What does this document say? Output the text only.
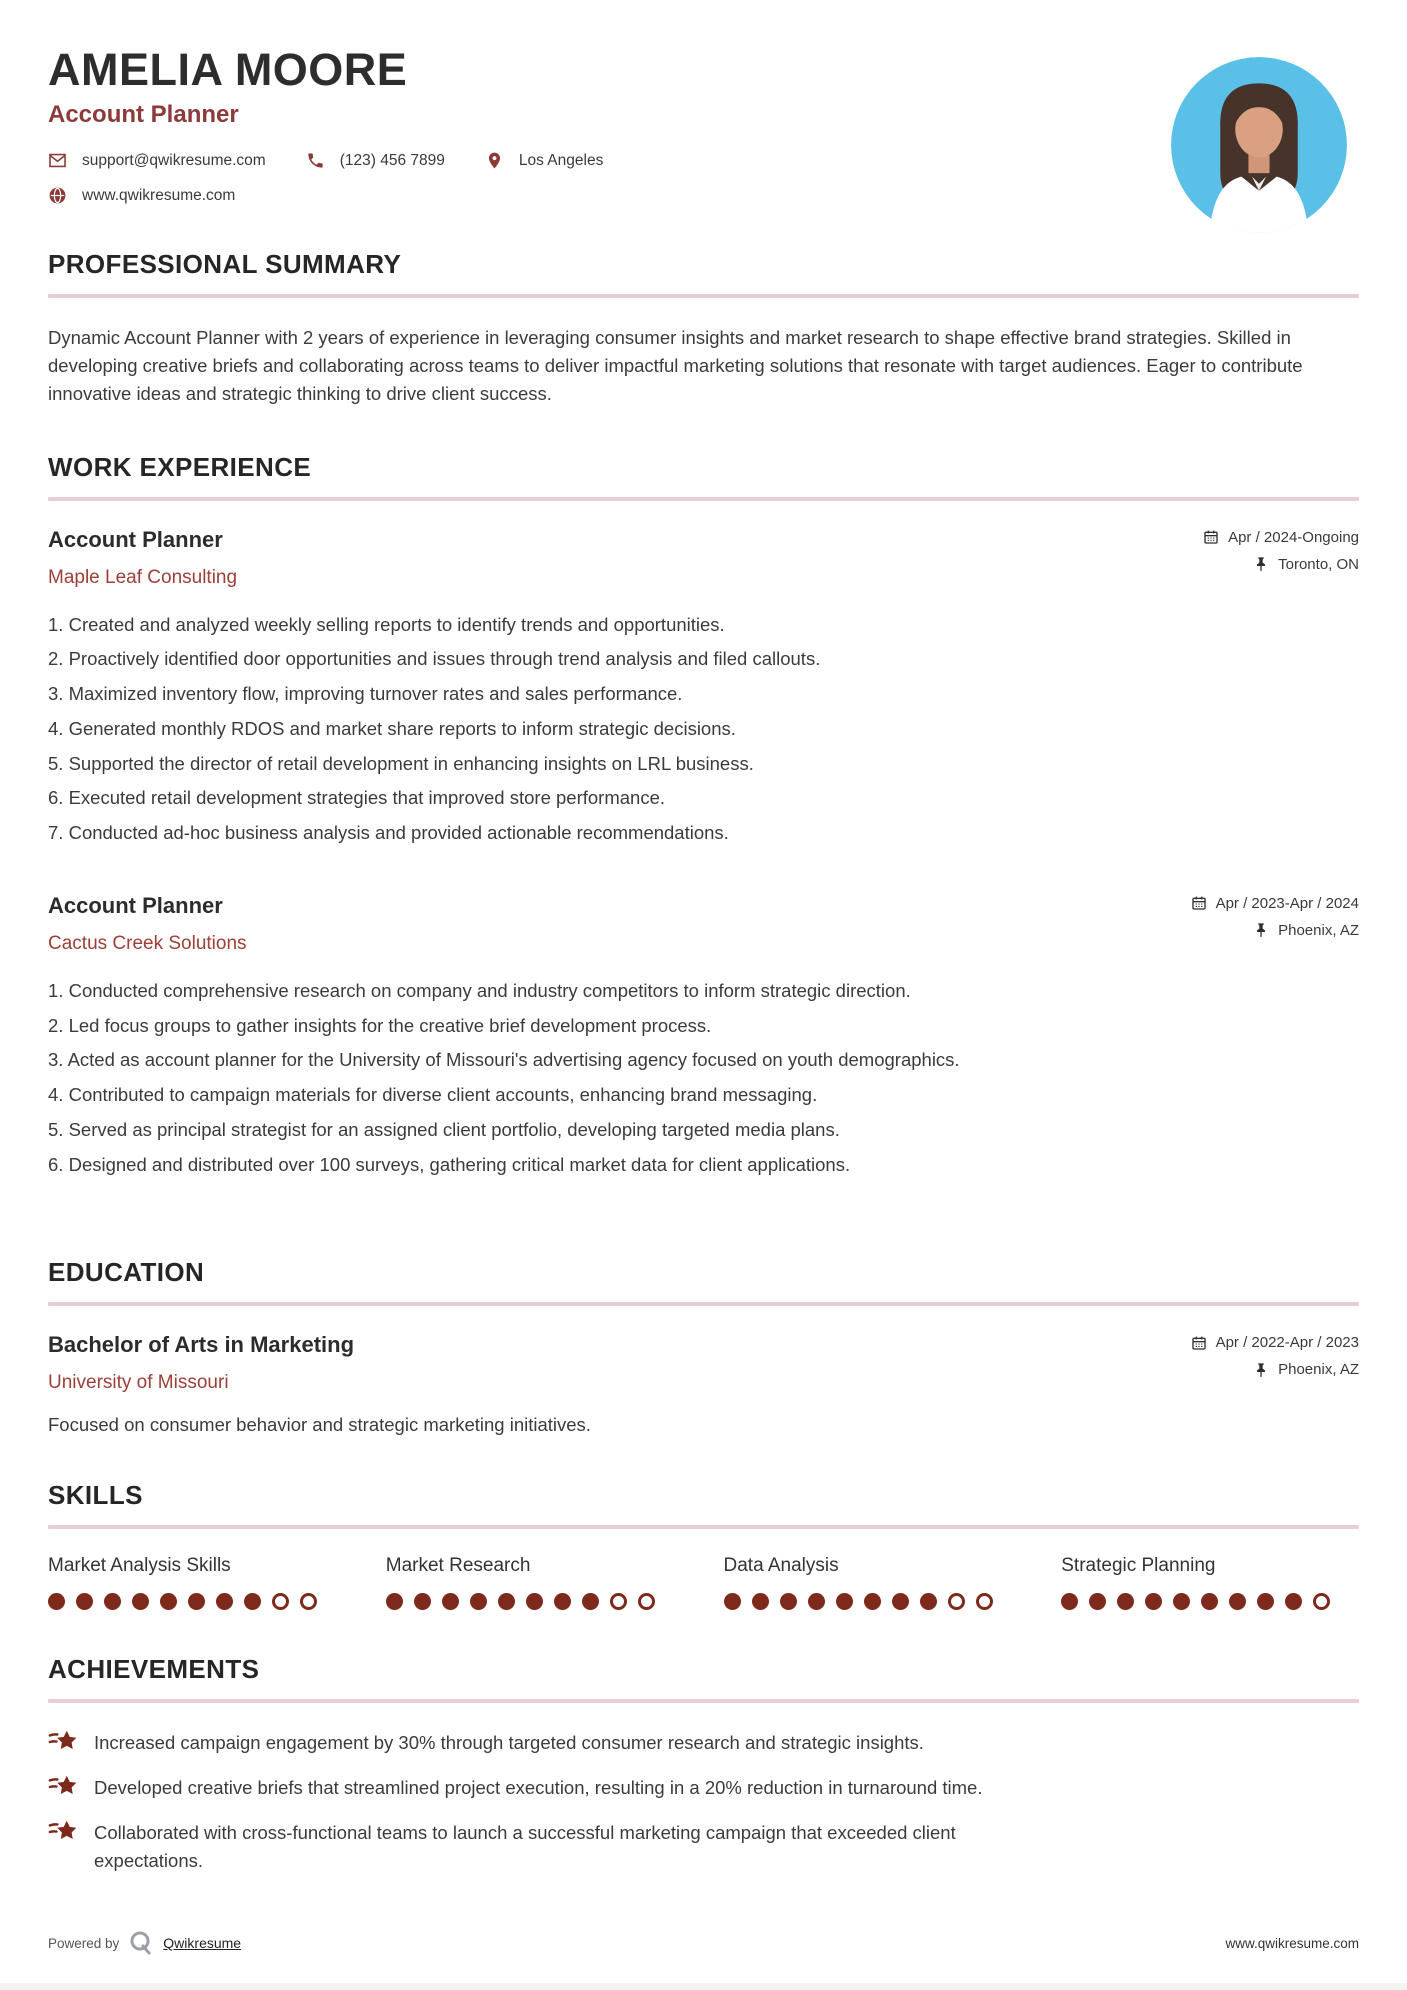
AMELIA MOORE
Account Planner
support@qwikresume.com	(123) 456 7899	Los Angeles
www.qwikresume.com
PROFESSIONAL SUMMARY
Dynamic Account Planner with 2 years of experience in leveraging consumer insights and market research to shape effective brand strategies. Skilled in developing creative briefs and collaborating across teams to deliver impactful marketing solutions that resonate with target audiences. Eager to contribute innovative ideas and strategic thinking to drive client success.
WORK EXPERIENCE
Account Planner
Maple Leaf Consulting
Apr / 2024-Ongoing
Toronto, ON
Created and analyzed weekly selling reports to identify trends and opportunities.
Proactively identified door opportunities and issues through trend analysis and filed callouts.
Maximized inventory flow, improving turnover rates and sales performance.
Generated monthly RDOS and market share reports to inform strategic decisions.
Supported the director of retail development in enhancing insights on LRL business.
Executed retail development strategies that improved store performance.
Conducted ad-hoc business analysis and provided actionable recommendations.
Account Planner
Cactus Creek Solutions
Apr / 2023-Apr / 2024
Phoenix, AZ
Conducted comprehensive research on company and industry competitors to inform strategic direction.
Led focus groups to gather insights for the creative brief development process.
Acted as account planner for the University of Missouri's advertising agency focused on youth demographics.
Contributed to campaign materials for diverse client accounts, enhancing brand messaging.
Served as principal strategist for an assigned client portfolio, developing targeted media plans.
Designed and distributed over 100 surveys, gathering critical market data for client applications.
EDUCATION
Bachelor of Arts in Marketing
University of Missouri
Apr / 2022-Apr / 2023
Phoenix, AZ
Focused on consumer behavior and strategic marketing initiatives.
SKILLS
Market Analysis Skills	Market Research	Data Analysis	Strategic Planning
ACHIEVEMENTS
Increased campaign engagement by 30% through targeted consumer research and strategic insights.
Developed creative briefs that streamlined project execution, resulting in a 20% reduction in turnaround time.
Collaborated with cross-functional teams to launch a successful marketing campaign that exceeded client expectations.
Powered by	Qwikresume	www.qwikresume.com
